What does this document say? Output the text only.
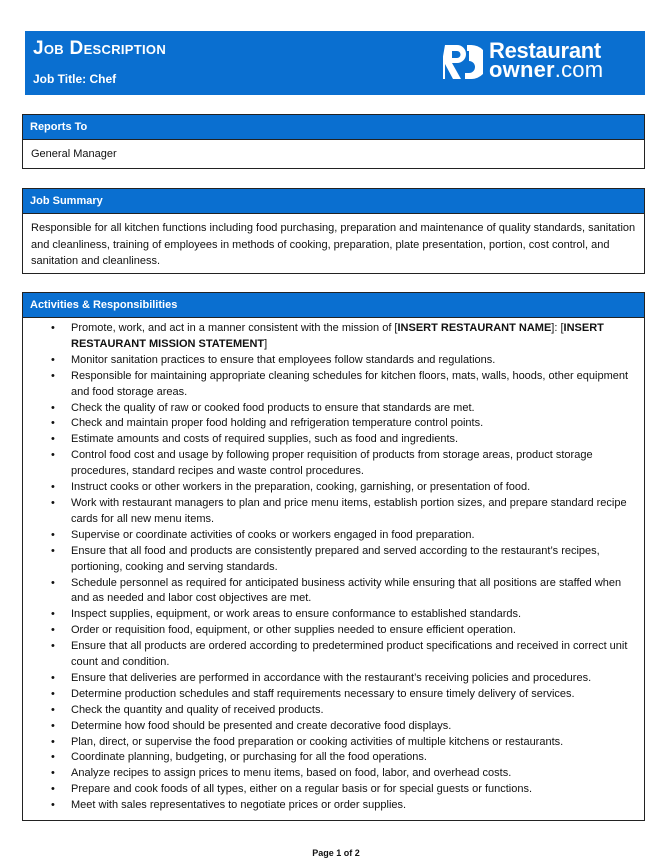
Job Description
Job Title: Chef
Restaurant
owner.com
Reports To
General Manager
Job Summary
Responsible for all kitchen functions including food purchasing, preparation and maintenance of quality standards, sanitation and cleanliness, training of employees in methods of cooking, preparation, plate presentation, portion, cost control, and sanitation and cleanliness.
Activities & Responsibilities
• Promote, work, and act in a manner consistent with the mission of [INSERT RESTAURANT NAME]: [INSERT RESTAURANT MISSION STATEMENT]
• Monitor sanitation practices to ensure that employees follow standards and regulations.
• Responsible for maintaining appropriate cleaning schedules for kitchen floors, mats, walls, hoods, other equipment and food storage areas.
• Check the quality of raw or cooked food products to ensure that standards are met.
• Check and maintain proper food holding and refrigeration temperature control points.
• Estimate amounts and costs of required supplies, such as food and ingredients.
• Control food cost and usage by following proper requisition of products from storage areas, product storage procedures, standard recipes and waste control procedures.
• Instruct cooks or other workers in the preparation, cooking, garnishing, or presentation of food.
• Work with restaurant managers to plan and price menu items, establish portion sizes, and prepare standard recipe cards for all new menu items.
• Supervise or coordinate activities of cooks or workers engaged in food preparation.
• Ensure that all food and products are consistently prepared and served according to the restaurant’s recipes, portioning, cooking and serving standards.
• Schedule personnel as required for anticipated business activity while ensuring that all positions are staffed when and as needed and labor cost objectives are met.
• Inspect supplies, equipment, or work areas to ensure conformance to established standards.
• Order or requisition food, equipment, or other supplies needed to ensure efficient operation.
• Ensure that all products are ordered according to predetermined product specifications and received in correct unit count and condition.
• Ensure that deliveries are performed in accordance with the restaurant’s receiving policies and procedures.
• Determine production schedules and staff requirements necessary to ensure timely delivery of services.
• Check the quantity and quality of received products.
• Determine how food should be presented and create decorative food displays.
• Plan, direct, or supervise the food preparation or cooking activities of multiple kitchens or restaurants.
• Coordinate planning, budgeting, or purchasing for all the food operations.
• Analyze recipes to assign prices to menu items, based on food, labor, and overhead costs.
• Prepare and cook foods of all types, either on a regular basis or for special guests or functions.
• Meet with sales representatives to negotiate prices or order supplies.
Page 1 of 2
